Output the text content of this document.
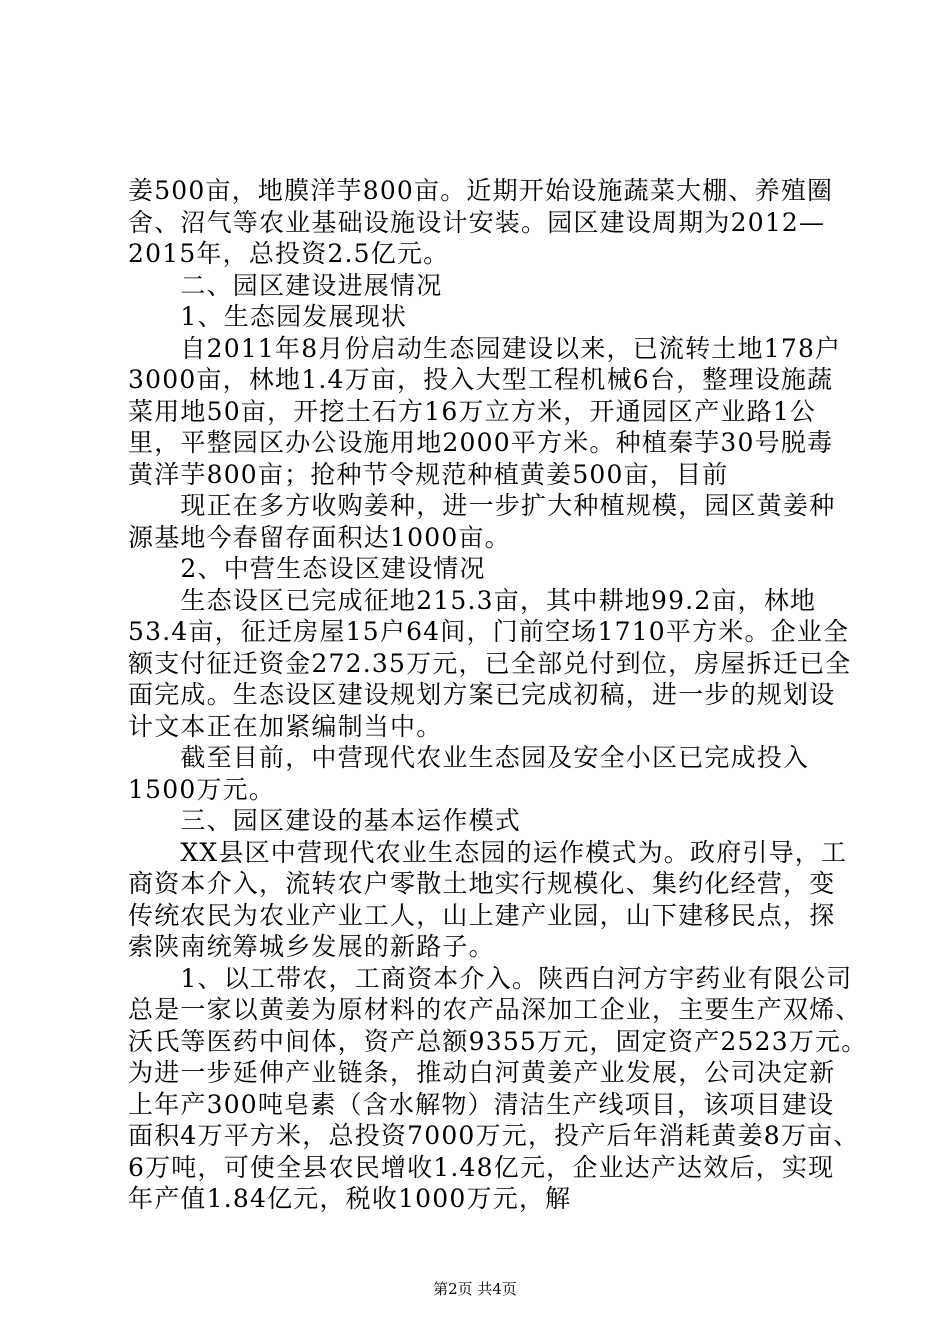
姜500亩，地膜洋芋800亩。近期开始设施蔬菜大棚、养殖圈
舍、沼气等农业基础设施设计安装。园区建设周期为2012—
2015年，总投资2.5亿元。
　　二、园区建设进展情况
　　1、生态园发展现状
　　自2011年8月份启动生态园建设以来，已流转土地178户
3000亩，林地1.4万亩，投入大型工程机械6台，整理设施蔬
菜用地50亩，开挖土石方16万立方米，开通园区产业路1公
里，平整园区办公设施用地2000平方米。种植秦芋30号脱毒
黄洋芋800亩；抢种节令规范种植黄姜500亩，目前
　　现正在多方收购姜种，进一步扩大种植规模，园区黄姜种
源基地今春留存面积达1000亩。
　　2、中营生态设区建设情况
　　生态设区已完成征地215.3亩，其中耕地99.2亩，林地
53.4亩，征迁房屋15户64间，门前空场1710平方米。企业全
额支付征迁资金272.35万元，已全部兑付到位，房屋拆迁已全
面完成。生态设区建设规划方案已完成初稿，进一步的规划设
计文本正在加紧编制当中。
　　截至目前，中营现代农业生态园及安全小区已完成投入
1500万元。
　　三、园区建设的基本运作模式
　　XX县区中营现代农业生态园的运作模式为。政府引导，工
商资本介入，流转农户零散土地实行规模化、集约化经营，变
传统农民为农业产业工人，山上建产业园，山下建移民点，探
索陕南统筹城乡发展的新路子。
　　1、以工带农，工商资本介入。陕西白河方宇药业有限公司
总是一家以黄姜为原材料的农产品深加工企业，主要生产双烯、
沃氏等医药中间体，资产总额9355万元，固定资产2523万元。
为进一步延伸产业链条，推动白河黄姜产业发展，公司决定新
上年产300吨皂素（含水解物）清洁生产线项目，该项目建设
面积4万平方米，总投资7000万元，投产后年消耗黄姜8万亩、
6万吨，可使全县农民增收1.48亿元，企业达产达效后，实现
年产值1.84亿元，税收1000万元，解
第2页 共4页
